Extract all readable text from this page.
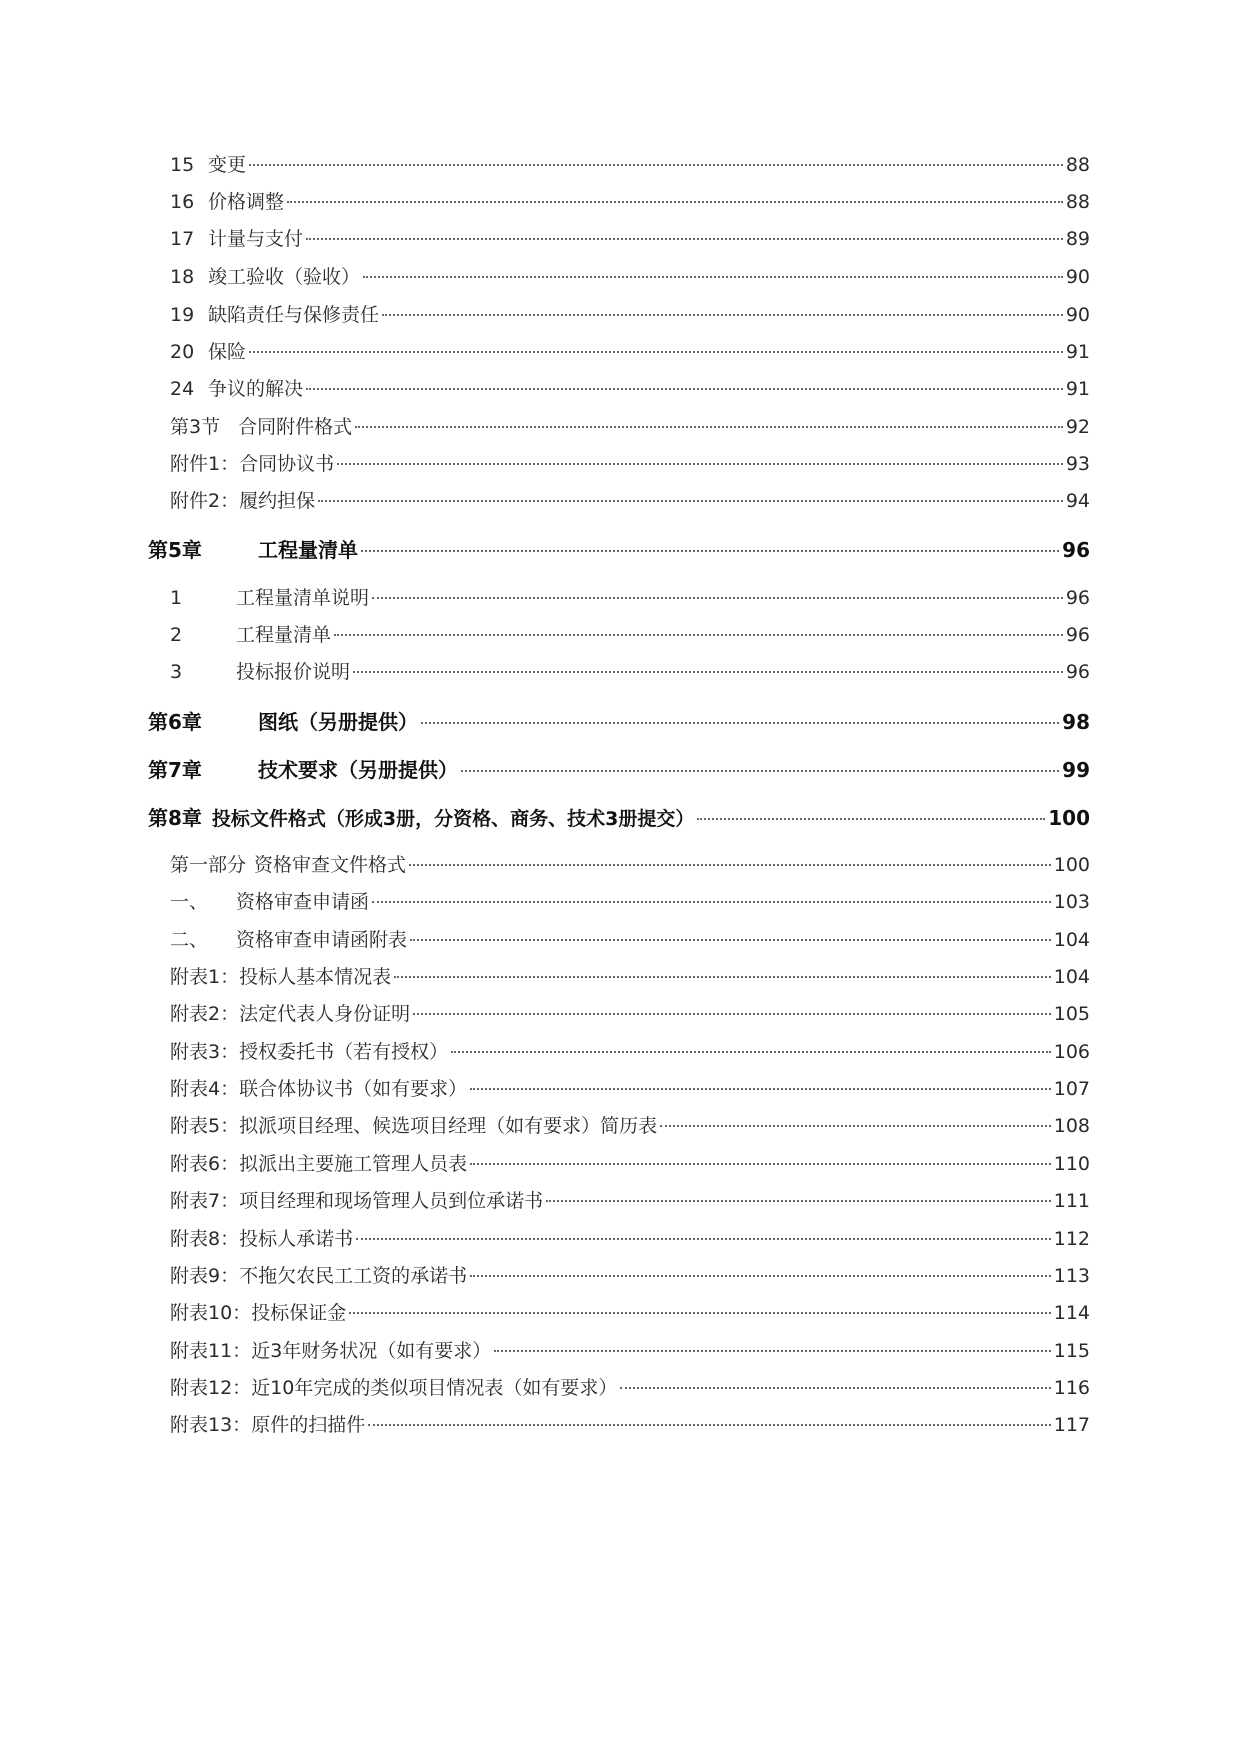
15 变更	88
16 价格调整	88
17 计量与支付	89
18 竣工验收（验收）	90
19 缺陷责任与保修责任	90
20 保险	91
24 争议的解决	91
第3节 合同附件格式	92
附件1： 合同协议书	93
附件2： 履约担保	94
第5章	工程量清单	96
1	工程量清单说明	96
2	工程量清单	96
3	投标报价说明	96
第6章	图纸（另册提供）	98
第7章	技术要求（另册提供）	99
第8章 投标文件格式（形成3册，分资格、商务、技术3册提交）	100
第一部分 资格审查文件格式	100
一、	资格审查申请函	103
二、	资格审查申请函附表	104
附表1： 投标人基本情况表	104
附表2： 法定代表人身份证明	105
附表3： 授权委托书（若有授权）	106
附表4： 联合体协议书（如有要求）	107
附表5： 拟派项目经理、候选项目经理（如有要求）简历表	108
附表6： 拟派出主要施工管理人员表	110
附表7： 项目经理和现场管理人员到位承诺书	111
附表8： 投标人承诺书	112
附表9： 不拖欠农民工工资的承诺书	113
附表10： 投标保证金	114
附表11： 近3年财务状况（如有要求）	115
附表12： 近10年完成的类似项目情况表（如有要求）	116
附表13： 原件的扫描件	117
